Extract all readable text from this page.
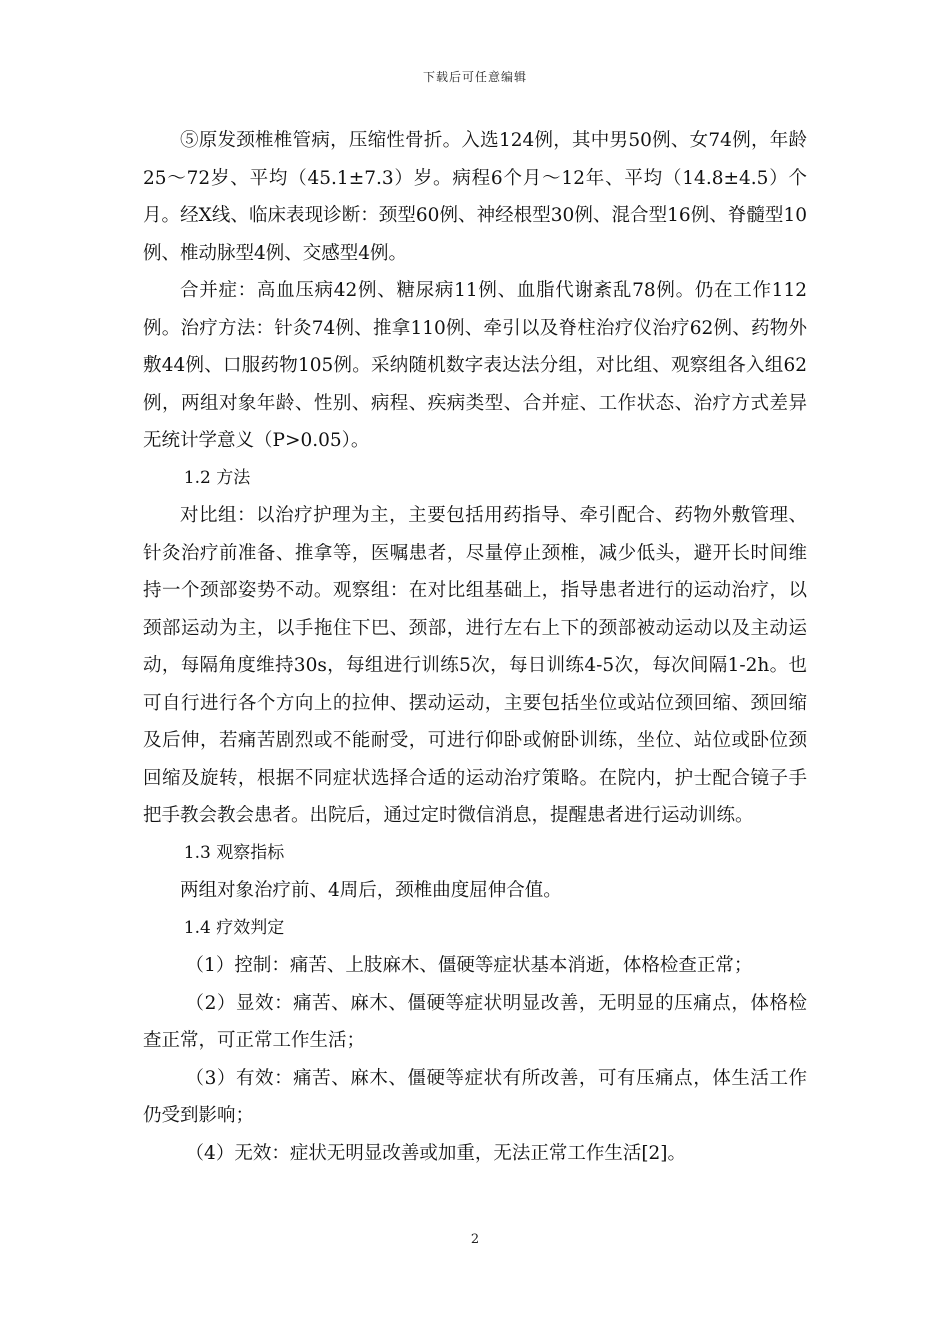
下载后可任意编辑

⑤原发颈椎椎管病，压缩性骨折。入选124例，其中男50例、女74例，年龄25～72岁、平均（45.1±7.3）岁。病程6个月～12年、平均（14.8±4.5）个月。经X线、临床表现诊断：颈型60例、神经根型30例、混合型16例、脊髓型10例、椎动脉型4例、交感型4例。

合并症：高血压病42例、糖尿病11例、血脂代谢紊乱78例。仍在工作112例。治疗方法：针灸74例、推拿110例、牵引以及脊柱治疗仪治疗62例、药物外敷44例、口服药物105例。采纳随机数字表达法分组，对比组、观察组各入组62例，两组对象年龄、性别、病程、疾病类型、合并症、工作状态、治疗方式差异无统计学意义（P>0.05）。

1.2 方法

对比组：以治疗护理为主，主要包括用药指导、牵引配合、药物外敷管理、针灸治疗前准备、推拿等，医嘱患者，尽量停止颈椎，减少低头，避开长时间维持一个颈部姿势不动。观察组：在对比组基础上，指导患者进行的运动治疗，以颈部运动为主，以手拖住下巴、颈部，进行左右上下的颈部被动运动以及主动运动，每隔角度维持30s，每组进行训练5次，每日训练4-5次，每次间隔1-2h。也可自行进行各个方向上的拉伸、摆动运动，主要包括坐位或站位颈回缩、颈回缩及后伸，若痛苦剧烈或不能耐受，可进行仰卧或俯卧训练，坐位、站位或卧位颈回缩及旋转，根据不同症状选择合适的运动治疗策略。在院内，护士配合镜子手把手教会教会患者。出院后，通过定时微信消息，提醒患者进行运动训练。

1.3 观察指标

两组对象治疗前、4周后，颈椎曲度屈伸合值。

1.4 疗效判定

（1）控制：痛苦、上肢麻木、僵硬等症状基本消逝，体格检查正常；

（2）显效：痛苦、麻木、僵硬等症状明显改善，无明显的压痛点，体格检查正常，可正常工作生活；

（3）有效：痛苦、麻木、僵硬等症状有所改善，可有压痛点，体生活工作仍受到影响；

（4）无效：症状无明显改善或加重，无法正常工作生活[2]。

2
